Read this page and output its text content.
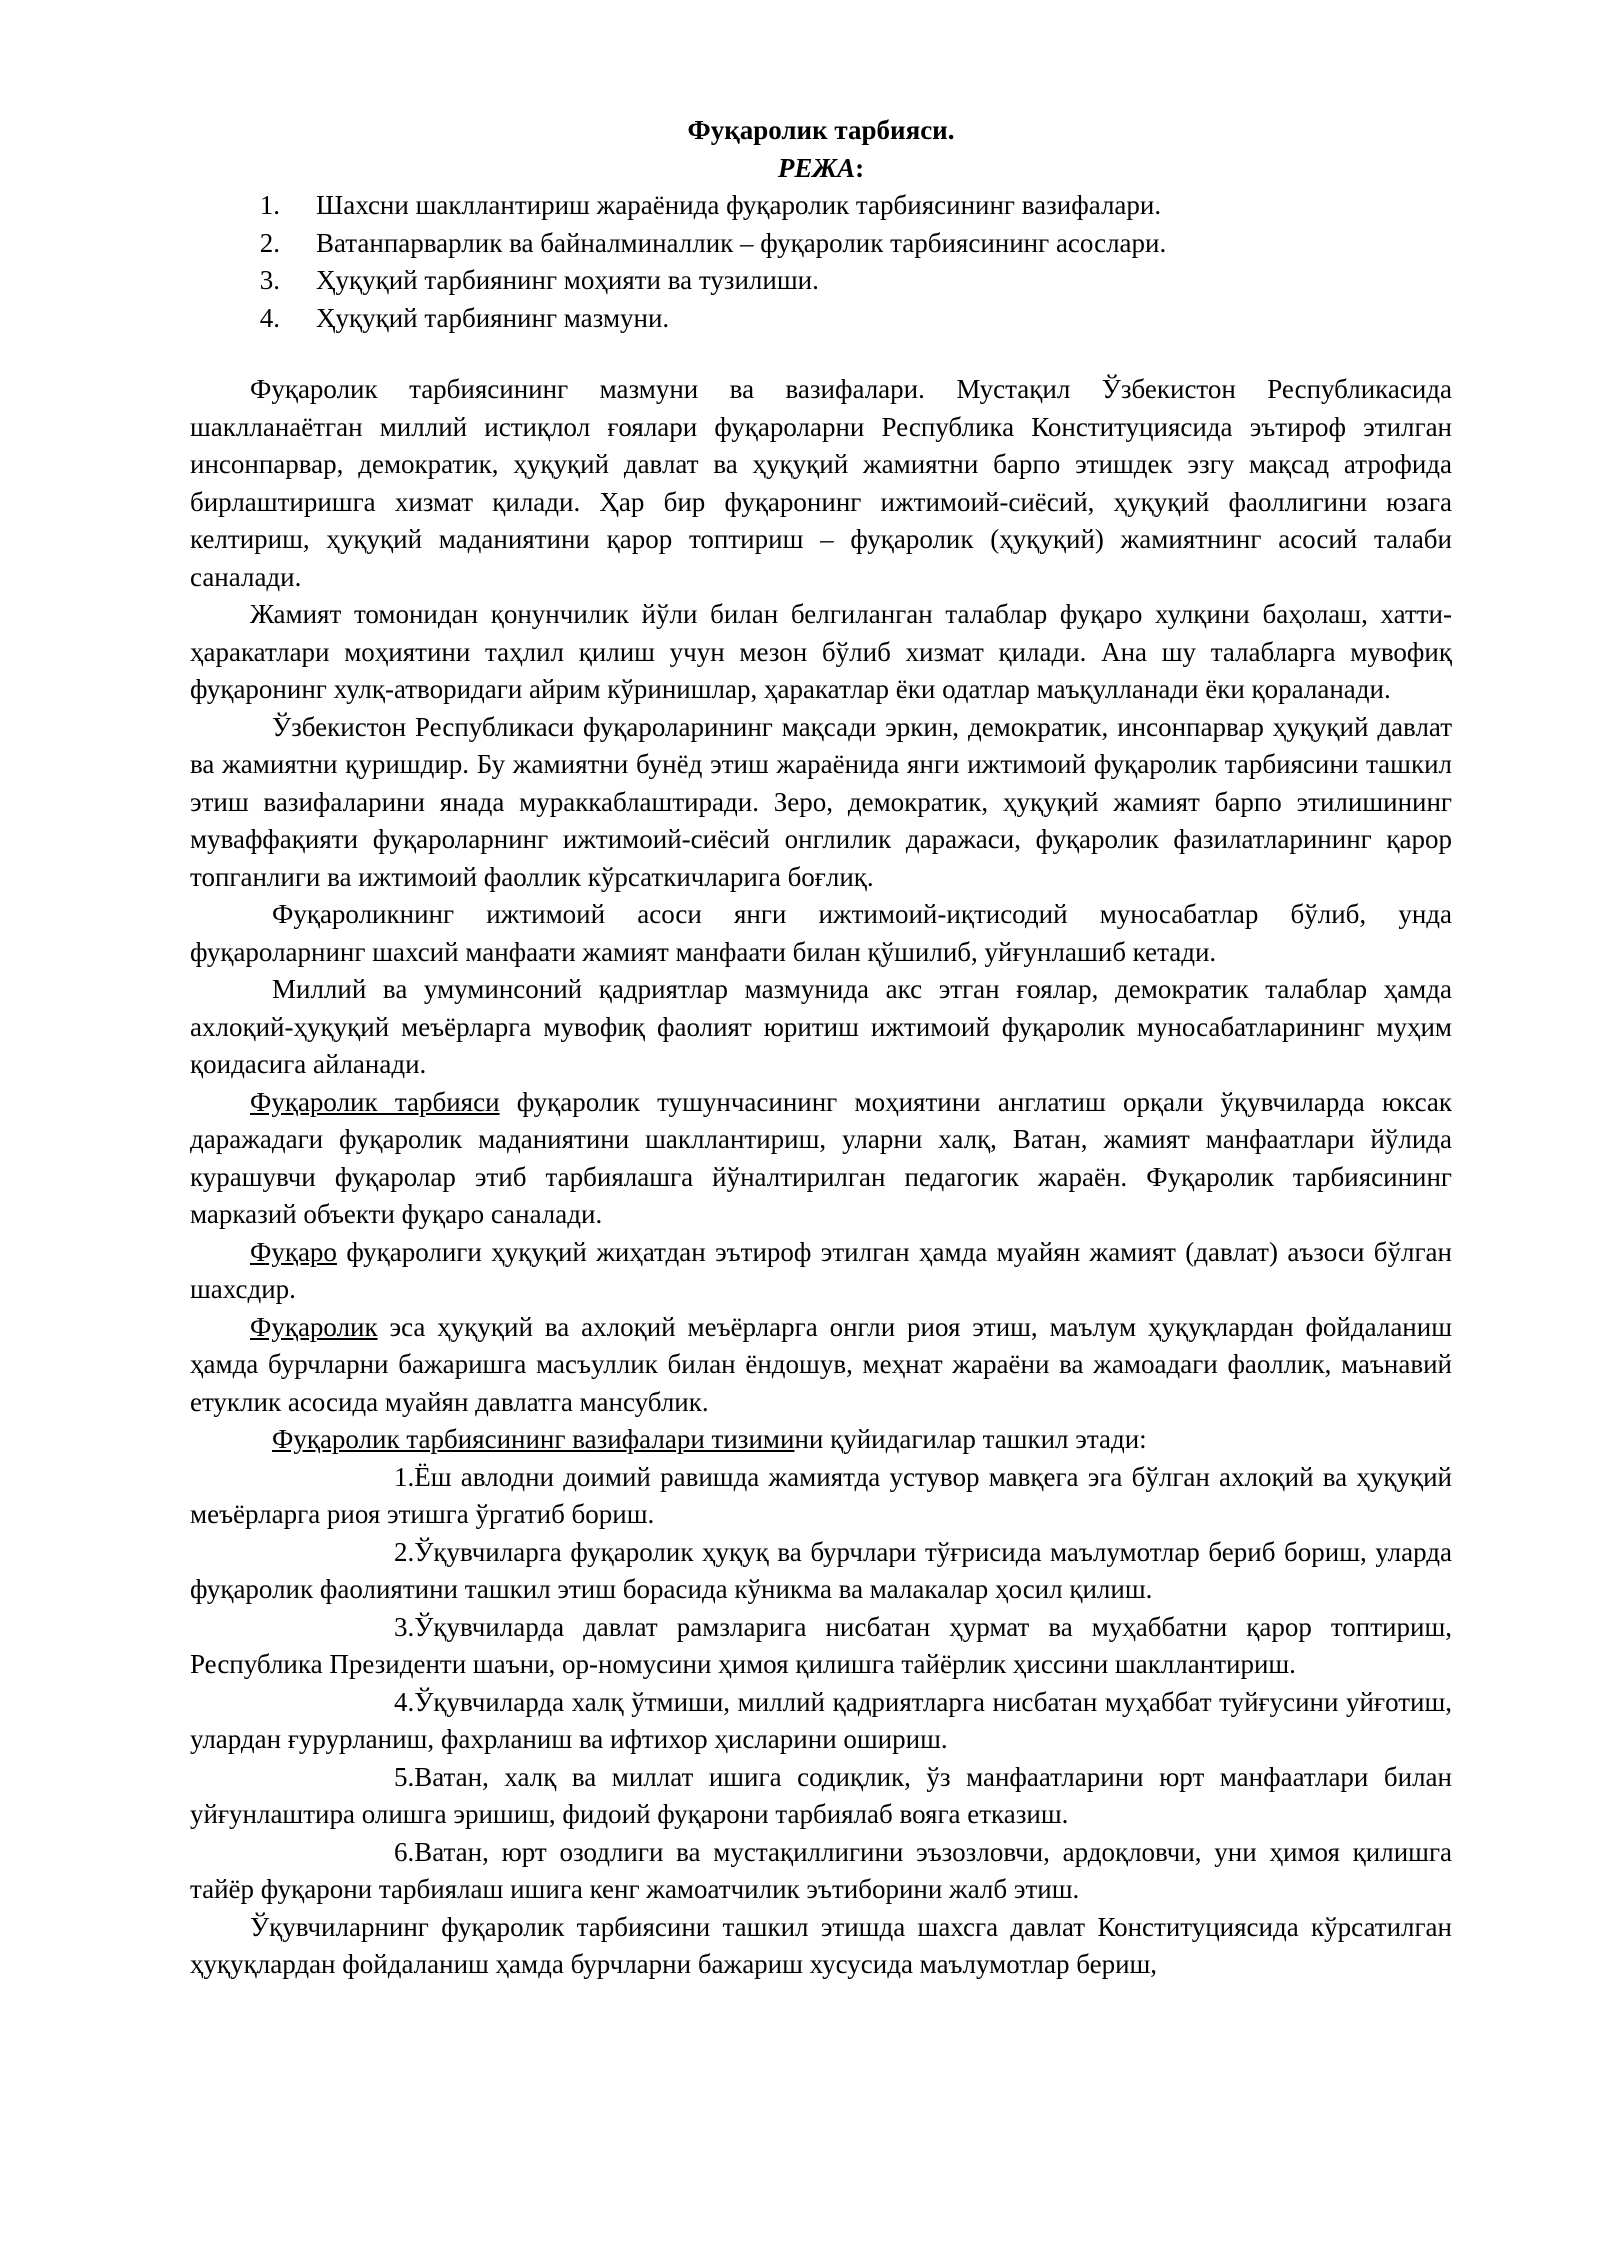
Фуқаролик тарбияси.

РЕЖА:

1. Шахсни шакллантириш жараёнида фуқаролик тарбиясининг вазифалари.
2. Ватанпарварлик ва байналминаллик – фуқаролик тарбиясининг асослари.
3. Ҳуқуқий тарбиянинг моҳияти ва тузилиши.
4. Ҳуқуқий тарбиянинг мазмуни.

Фуқаролик тарбиясининг мазмуни ва вазифалари. Мустақил Ўзбекистон Республикасида шаклланаётган миллий истиқлол ғоялари фуқароларни Республика Конституциясида эътироф этилган инсонпарвар, демократик, ҳуқуқий давлат ва ҳуқуқий жамиятни барпо этишдек эзгу мақсад атрофида бирлаштиришга хизмат қилади. Ҳар бир фуқаронинг ижтимоий-сиёсий, ҳуқуқий фаоллигини юзага келтириш, ҳуқуқий маданиятини қарор топтириш – фуқаролик (ҳуқуқий) жамиятнинг асосий талаби саналади.

Жамият томонидан қонунчилик йўли билан белгиланган талаблар фуқаро хулқини баҳолаш, хатти-ҳаракатлари моҳиятини таҳлил қилиш учун мезон бўлиб хизмат қилади. Ана шу талабларга мувофиқ фуқаронинг хулқ-атворидаги айрим кўринишлар, ҳаракатлар ёки одатлар маъқулланади ёки қораланади.

Ўзбекистон Республикаси фуқароларининг мақсади эркин, демократик, инсонпарвар ҳуқуқий давлат ва жамиятни қуришдир. Бу жамиятни бунёд этиш жараёнида янги ижтимоий фуқаролик тарбиясини ташкил этиш вазифаларини янада мураккаблаштиради. Зеро, демократик, ҳуқуқий жамият барпо этилишининг муваффақияти фуқароларнинг ижтимоий-сиёсий онглилик даражаси, фуқаролик фазилатларининг қарор топганлиги ва ижтимоий фаоллик кўрсаткичларига боғлиқ.

Фуқароликнинг ижтимоий асоси янги ижтимоий-иқтисодий муносабатлар бўлиб, унда фуқароларнинг шахсий манфаати жамият манфаати билан қўшилиб, уйғунлашиб кетади.

Миллий ва умуминсоний қадриятлар мазмунида акс этган ғоялар, демократик талаблар ҳамда ахлоқий-ҳуқуқий меъёрларга мувофиқ фаолият юритиш ижтимоий фуқаролик муносабатларининг муҳим қоидасига айланади.

Фуқаролик тарбияси фуқаролик тушунчасининг моҳиятини англатиш орқали ўқувчиларда юксак даражадаги фуқаролик маданиятини шакллантириш, уларни халқ, Ватан, жамият манфаатлари йўлида курашувчи фуқаролар этиб тарбиялашга йўналтирилган педагогик жараён. Фуқаролик тарбиясининг марказий объекти фуқаро саналади.

Фуқаро фуқаролиги ҳуқуқий жиҳатдан эътироф этилган ҳамда муайян жамият (давлат) аъзоси бўлган шахсдир.

Фуқаролик эса ҳуқуқий ва ахлоқий меъёрларга онгли риоя этиш, маълум ҳуқуқлардан фойдаланиш ҳамда бурчларни бажаришга масъуллик билан ёндошув, меҳнат жараёни ва жамоадаги фаоллик, маънавий етуклик асосида муайян давлатга мансублик.

Фуқаролик тарбиясининг вазифалари тизимини қуйидагилар ташкил этади:

1.Ёш авлодни доимий равишда жамиятда устувор мавқега эга бўлган ахлоқий ва ҳуқуқий меъёрларга риоя этишга ўргатиб бориш.
2.Ўқувчиларга фуқаролик ҳуқуқ ва бурчлари тўғрисида маълумотлар бериб бориш, уларда фуқаролик фаолиятини ташкил этиш борасида кўникма ва малакалар ҳосил қилиш.
3.Ўқувчиларда давлат рамзларига нисбатан ҳурмат ва муҳаббатни қарор топтириш, Республика Президенти шаъни, ор-номусини ҳимоя қилишга тайёрлик ҳиссини шакллантириш.
4.Ўқувчиларда халқ ўтмиши, миллий қадриятларга нисбатан муҳаббат туйғусини уйғотиш, улардан ғурурланиш, фахрланиш ва ифтихор ҳисларини ошириш.
5.Ватан, халқ ва миллат ишига содиқлик, ўз манфаатларини юрт манфаатлари билан уйғунлаштира олишга эришиш, фидоий фуқарони тарбиялаб вояга етказиш.
6.Ватан, юрт озодлиги ва мустақиллигини эъзозловчи, ардоқловчи, уни ҳимоя қилишга тайёр фуқарони тарбиялаш ишига кенг жамоатчилик эътиборини жалб этиш.

Ўқувчиларнинг фуқаролик тарбиясини ташкил этишда шахсга давлат Конституциясида кўрсатилган ҳуқуқлардан фойдаланиш ҳамда бурчларни бажариш хусусида маълумотлар бериш,
